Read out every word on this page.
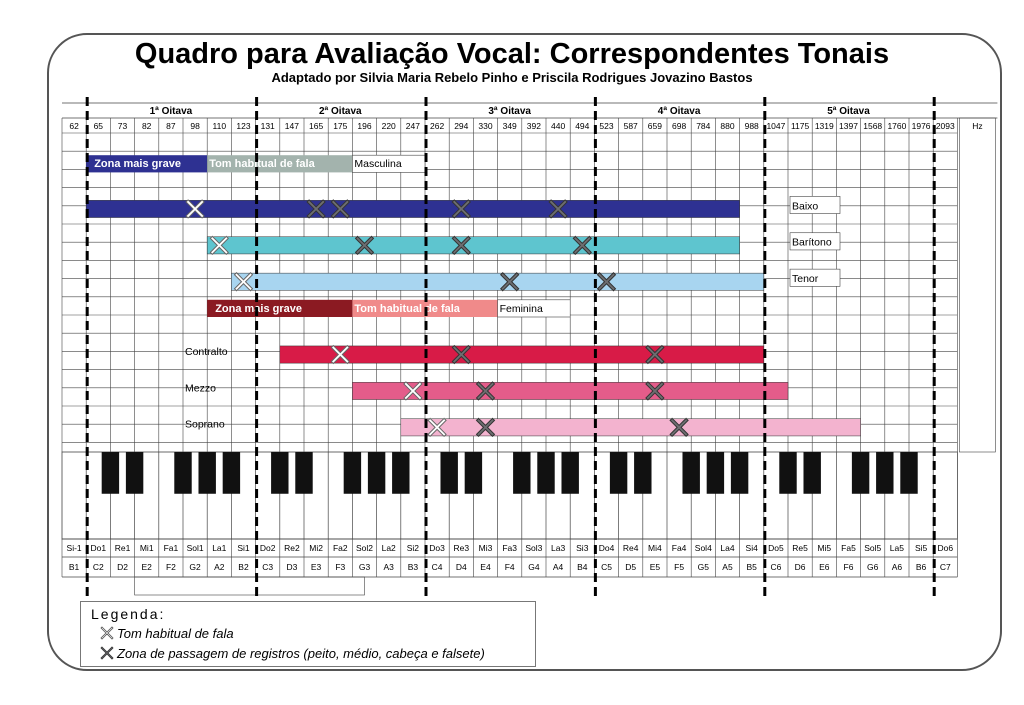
Quadro para Avaliação Vocal: Correspondentes Tonais
Adaptado por Silvia Maria Rebelo Pinho e Priscila Rodrigues Jovazino Bastos
1ª Oitava	2ª Oitava	3ª Oitava	4ª Oitava	5ª Oitava
62 65 73 82 87 98 110 123 131 147 165 175 196 220 247 262 294 330 349 392 440 494 523 587 659 698 784 880 988 1047 1175 1319 1397 1568 1760 1976 2093 Hz
Si-1 Do1 Re1 Mi1 Fa1 Sol1 La1 Si1 Do2 Re2 Mi2 Fa2 Sol2 La2 Si2 Do3 Re3 Mi3 Fa3 Sol3 La3 Si3 Do4 Re4 Mi4 Fa4 Sol4 La4 Si4 Do5 Re5 Mi5 Fa5 Sol5 La5 Si5 Do6
B1 C2 D2 E2 F2 G2 A2 B2 C3 D3 E3 F3 G3 A3 B3 C4 D4 E4 F4 G4 A4 B4 C5 D5 E5 F5 G5 A5 B5 C6 D6 E6 F6 G6 A6 B6 C7
Zona mais grave	Tom habitual de fala	Masculina
Zona mais grave	Tom habitual de fala	Feminina
Baixo
Barítono
Tenor
Contralto
Mezzo
Soprano
Legenda:
Tom habitual de fala
Zona de passagem de registros (peito, médio, cabeça e falsete)
